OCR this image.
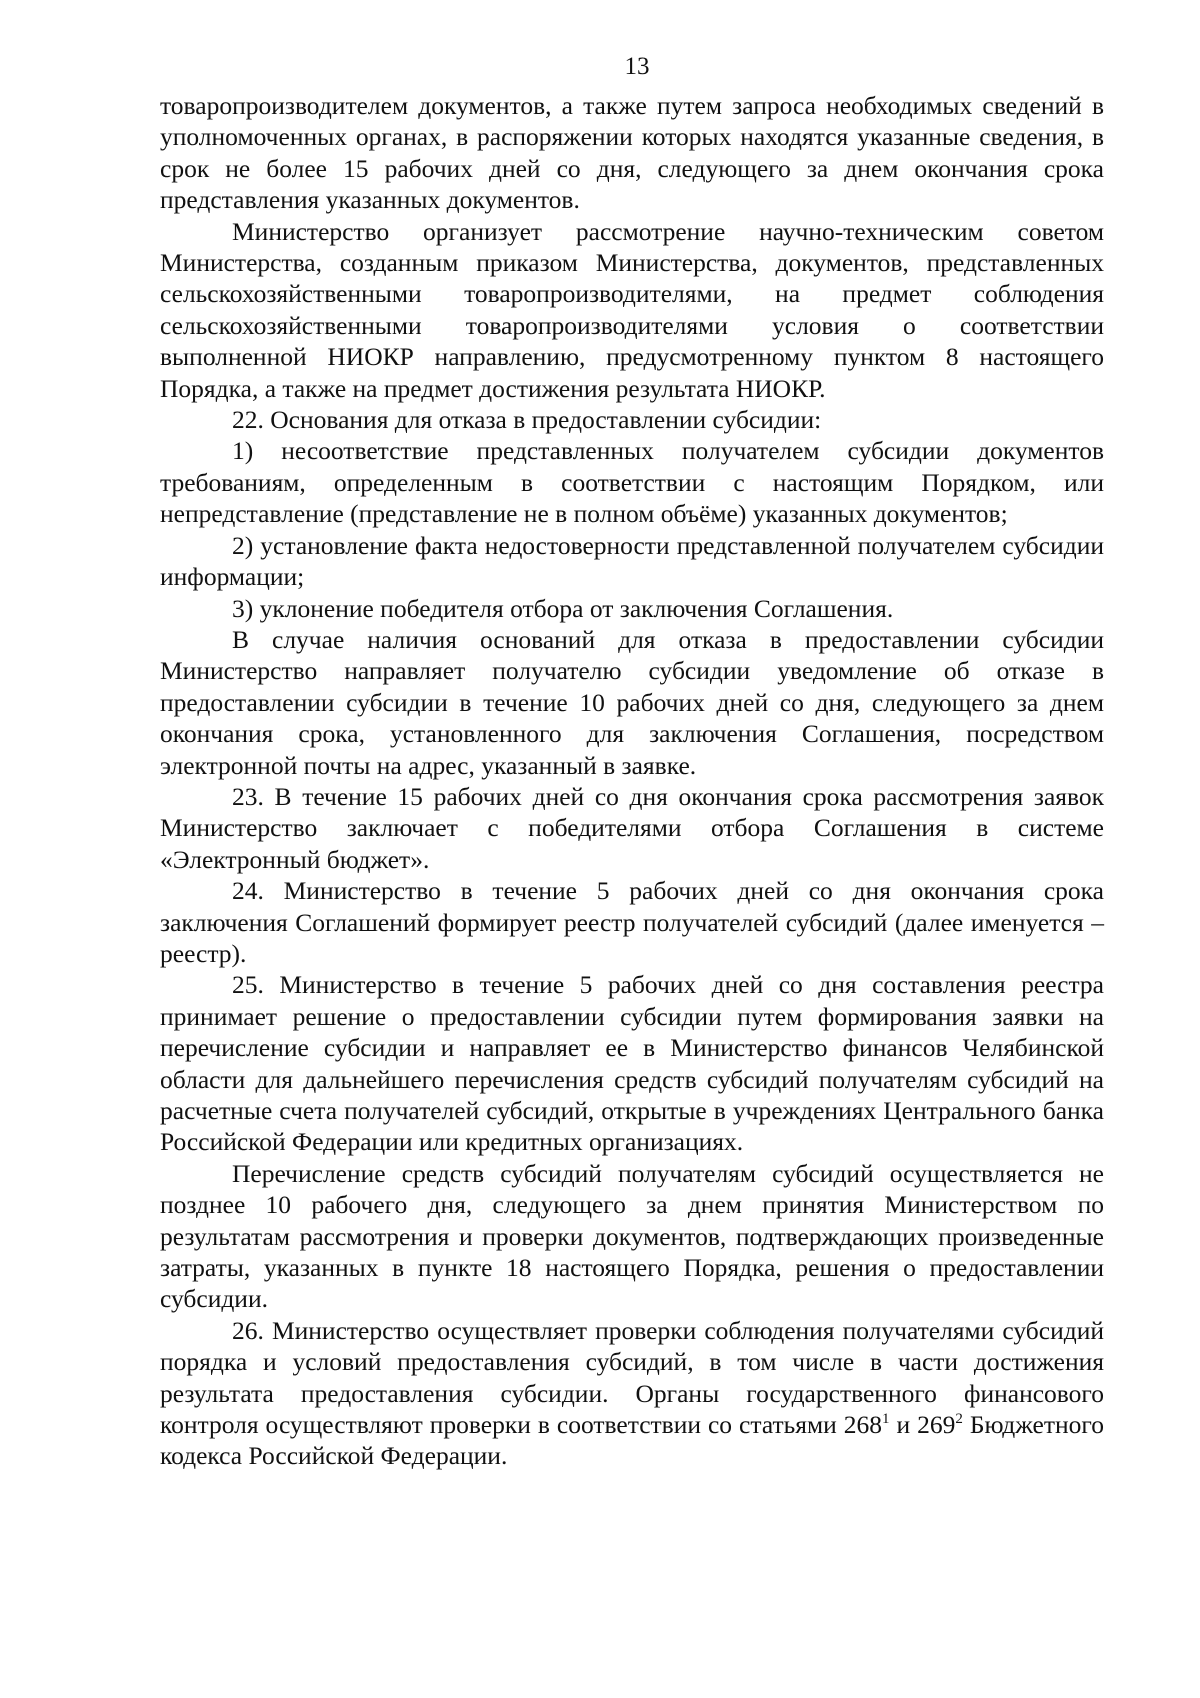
13

товаропроизводителем документов, а также путем запроса необходимых сведений в уполномоченных органах, в распоряжении которых находятся указанные сведения, в срок не более 15 рабочих дней со дня, следующего за днем окончания срока представления указанных документов.

Министерство организует рассмотрение научно-техническим советом Министерства, созданным приказом Министерства, документов, представленных сельскохозяйственными товаропроизводителями, на предмет соблюдения сельскохозяйственными товаропроизводителями условия о соответствии выполненной НИОКР направлению, предусмотренному пунктом 8 настоящего Порядка, а также на предмет достижения результата НИОКР.

22. Основания для отказа в предоставлении субсидии:

1) несоответствие представленных получателем субсидии документов требованиям, определенным в соответствии с настоящим Порядком, или непредставление (представление не в полном объёме) указанных документов;

2) установление факта недостоверности представленной получателем субсидии информации;

3) уклонение победителя отбора от заключения Соглашения.

В случае наличия оснований для отказа в предоставлении субсидии Министерство направляет получателю субсидии уведомление об отказе в предоставлении субсидии в течение 10 рабочих дней со дня, следующего за днем окончания срока, установленного для заключения Соглашения, посредством электронной почты на адрес, указанный в заявке.

23. В течение 15 рабочих дней со дня окончания срока рассмотрения заявок Министерство заключает с победителями отбора Соглашения в системе «Электронный бюджет».

24. Министерство в течение 5 рабочих дней со дня окончания срока заключения Соглашений формирует реестр получателей субсидий (далее именуется – реестр).

25. Министерство в течение 5 рабочих дней со дня составления реестра принимает решение о предоставлении субсидии путем формирования заявки на перечисление субсидии и направляет ее в Министерство финансов Челябинской области для дальнейшего перечисления средств субсидий получателям субсидий на расчетные счета получателей субсидий, открытые в учреждениях Центрального банка Российской Федерации или кредитных организациях.

Перечисление средств субсидий получателям субсидий осуществляется не позднее 10 рабочего дня, следующего за днем принятия Министерством по результатам рассмотрения и проверки документов, подтверждающих произведенные затраты, указанных в пункте 18 настоящего Порядка, решения о предоставлении субсидии.

26. Министерство осуществляет проверки соблюдения получателями субсидий порядка и условий предоставления субсидий, в том числе в части достижения результата предоставления субсидии. Органы государственного финансового контроля осуществляют проверки в соответствии со статьями $268^1$ и $269^2$ Бюджетного кодекса Российской Федерации.
